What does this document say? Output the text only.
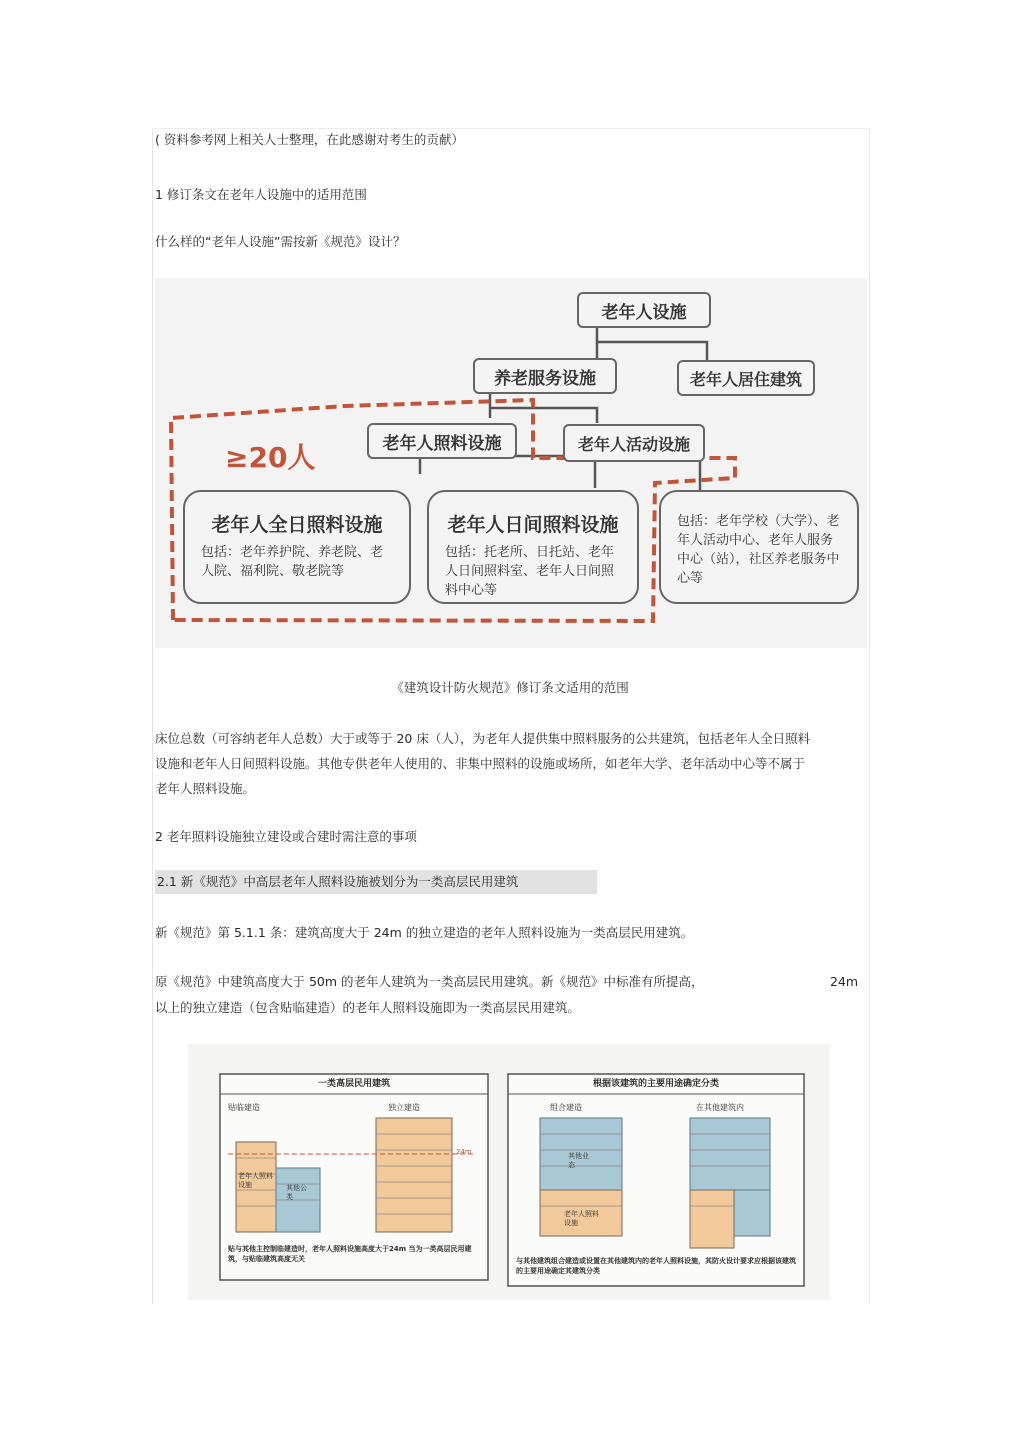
( 资料参考网上相关人士整理，在此感谢对考生的贡献）

1 修订条文在老年人设施中的适用范围

什么样的“老年人设施”需按新《规范》设计？

老年人设施
养老服务设施	老年人居住建筑
老年人照料设施	老年人活动设施
≥20人
老年人全日照料设施
包括：老年养护院、养老院、老人院、福利院、敬老院等
老年人日间照料设施
包括：托老所、日托站、老年人日间照料室、老年人日间照料中心等
包括：老年学校（大学）、老年人活动中心、老年人服务中心（站），社区养老服务中心等

《建筑设计防火规范》修订条文适用的范围

床位总数（可容纳老年人总数）大于或等于 20 床（人），为老年人提供集中照料服务的公共建筑，包括老年人全日照料设施和老年人日间照料设施。其他专供老年人使用的、非集中照料的设施或场所，如老年大学、老年活动中心等不属于老年人照料设施。

2 老年照料设施独立建设或合建时需注意的事项

2.1 新《规范》中高层老年人照料设施被划分为一类高层民用建筑

新《规范》第 5.1.1 条：建筑高度大于 24m 的独立建造的老年人照料设施为一类高层民用建筑。

原《规范》中建筑高度大于 50m 的老年人建筑为一类高层民用建筑。新《规范》中标准有所提高，	24m

以上的独立建造（包含贴临建造）的老年人照料设施即为一类高层民用建筑。

一类高层民用建筑
贴临建造	独立建造
老年人照料设施	其他公类
24m
贴与其他主控制临建造时，老年人照料设施高度大于24m 当为一类高层民用建筑，与贴临建筑高度无关
根据该建筑的主要用途确定分类
组合建造	在其他建筑内
其他业态
老年人照料设施
与其他建筑组合建造或设置在其他建筑内的老年人照料设施，其防火设计要求应根据该建筑的主要用途确定其建筑分类
